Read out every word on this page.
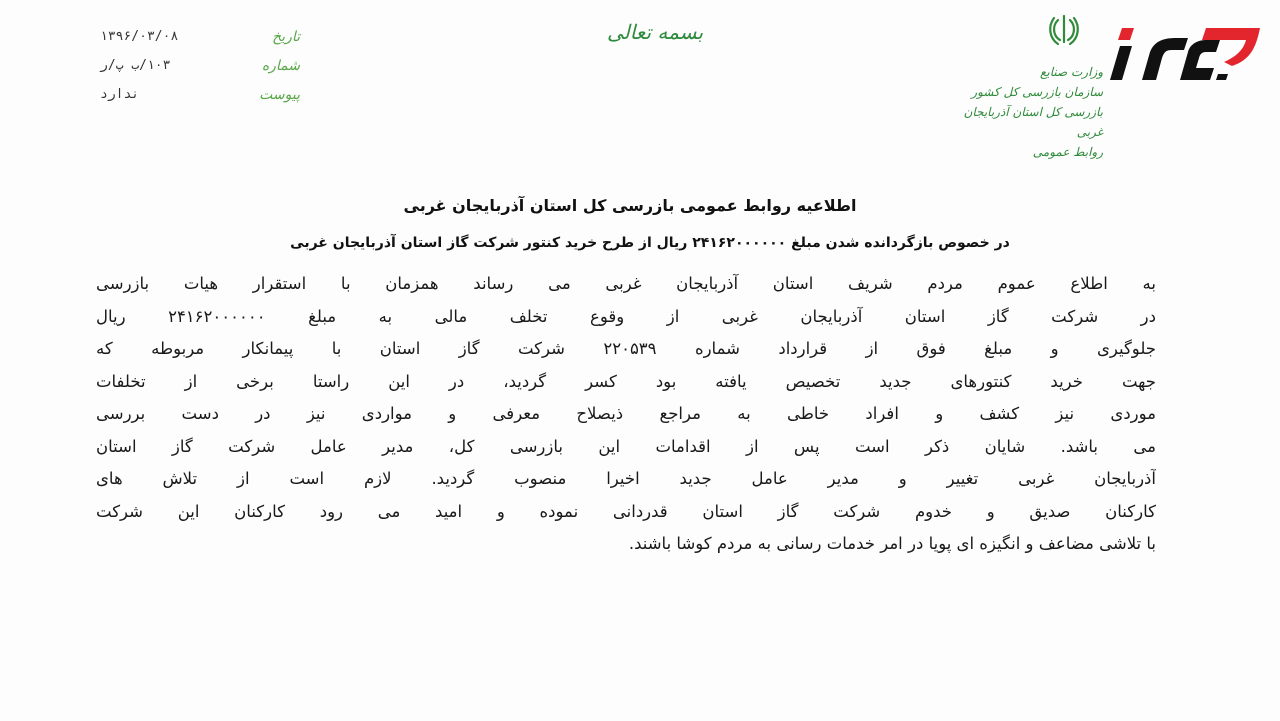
تاریخ
۱۳۹۶/۰۳/۰۸
شماره
۱۰۳/ب پ/ر
پیوست
ندارد
بسمه تعالی
وزارت صنایع
سازمان بازرسی کل کشور
بازرسی کل استان آذربایجان غربی
روابط عمومی
اطلاعیه روابط عمومی بازرسی کل استان آذربایجان غربی
در خصوص بازگردانده شدن مبلغ ۲۴۱۶۲۰۰۰۰۰۰ ریال از طرح خرید کنتور شرکت گاز استان آذربایجان غربی
به اطلاع عموم مردم شریف استان آذربایجان غربی می رساند همزمان با استقرار هیات بازرسی
در شرکت گاز استان آذربایجان غربی از وقوع تخلف مالی به مبلغ ۲۴۱۶۲۰۰۰۰۰۰ ریال
جلوگیری و مبلغ فوق از قرارداد شماره ۲۲۰۵۳۹ شرکت گاز استان با پیمانکار مربوطه که
جهت خرید کنتورهای جدید تخصیص یافته بود کسر گردید، در این راستا برخی از تخلفات
موردی نیز کشف و افراد خاطی به مراجع ذیصلاح معرفی و مواردی نیز در دست بررسی
می باشد. شایان ذکر است پس از اقدامات این بازرسی کل، مدیر عامل شرکت گاز استان
آذربایجان غربی تغییر و مدیر عامل جدید اخیرا منصوب گردید. لازم است از تلاش های
کارکنان صدیق و خدوم شرکت گاز استان قدردانی نموده و امید می رود کارکنان این شرکت
با تلاشی مضاعف و انگیزه ای پویا در امر خدمات رسانی به مردم کوشا باشند.
